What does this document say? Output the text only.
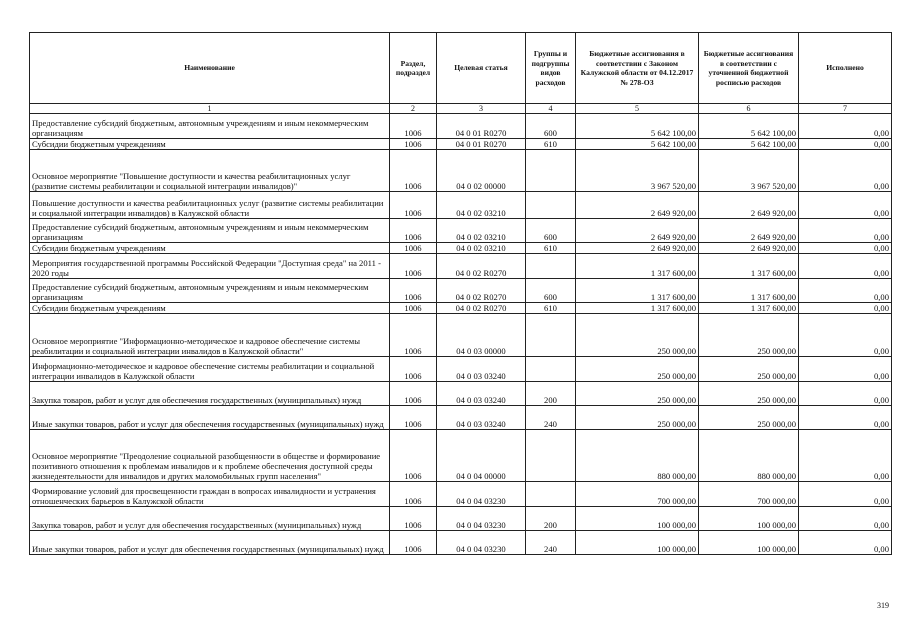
Наименование	Раздел, подраздел	Целевая статья	Группы и подгруппы видов расходов	Бюджетные ассигнования в соответствии с Законом Калужской области от 04.12.2017 № 278-ОЗ	Бюджетные ассигнования в соответствии с уточненной бюджетной росписью расходов	Исполнено
1	2	3	4	5	6	7
Предоставление субсидий бюджетным, автономным учреждениям и иным некоммерческим организациям	1006	04 0 01 R0270	600	5 642 100,00	5 642 100,00	0,00
Субсидии бюджетным учреждениям	1006	04 0 01 R0270	610	5 642 100,00	5 642 100,00	0,00
Основное мероприятие "Повышение доступности и качества реабилитационных услуг (развитие системы реабилитации и социальной интеграции инвалидов)"	1006	04 0 02 00000		3 967 520,00	3 967 520,00	0,00
Повышение доступности и качества реабилитационных услуг (развитие системы реабилитации и социальной интеграции инвалидов) в Калужской области	1006	04 0 02 03210		2 649 920,00	2 649 920,00	0,00
Предоставление субсидий бюджетным, автономным учреждениям и иным некоммерческим организациям	1006	04 0 02 03210	600	2 649 920,00	2 649 920,00	0,00
Субсидии бюджетным учреждениям	1006	04 0 02 03210	610	2 649 920,00	2 649 920,00	0,00
Мероприятия государственной программы Российской Федерации "Доступная среда" на 2011 - 2020 годы	1006	04 0 02 R0270		1 317 600,00	1 317 600,00	0,00
Предоставление субсидий бюджетным, автономным учреждениям и иным некоммерческим организациям	1006	04 0 02 R0270	600	1 317 600,00	1 317 600,00	0,00
Субсидии бюджетным учреждениям	1006	04 0 02 R0270	610	1 317 600,00	1 317 600,00	0,00
Основное мероприятие "Информационно-методическое и кадровое обеспечение системы реабилитации и социальной интеграции инвалидов в Калужской области"	1006	04 0 03 00000		250 000,00	250 000,00	0,00
Информационно-методическое и кадровое обеспечение системы реабилитации и социальной интеграции инвалидов в Калужской области	1006	04 0 03 03240		250 000,00	250 000,00	0,00
Закупка товаров, работ и услуг для обеспечения государственных (муниципальных) нужд	1006	04 0 03 03240	200	250 000,00	250 000,00	0,00
Иные закупки товаров, работ и услуг для обеспечения государственных (муниципальных) нужд	1006	04 0 03 03240	240	250 000,00	250 000,00	0,00
Основное мероприятие "Преодоление социальной разобщенности в обществе и формирование позитивного отношения к проблемам инвалидов и к проблеме обеспечения доступной среды жизнедеятельности для инвалидов и других маломобильных групп населения"	1006	04 0 04 00000		880 000,00	880 000,00	0,00
Формирование условий для просвещенности граждан в вопросах инвалидности и устранения отношенческих барьеров в Калужской области	1006	04 0 04 03230		700 000,00	700 000,00	0,00
Закупка товаров, работ и услуг для обеспечения государственных (муниципальных) нужд	1006	04 0 04 03230	200	100 000,00	100 000,00	0,00
Иные закупки товаров, работ и услуг для обеспечения государственных (муниципальных) нужд	1006	04 0 04 03230	240	100 000,00	100 000,00	0,00
319
